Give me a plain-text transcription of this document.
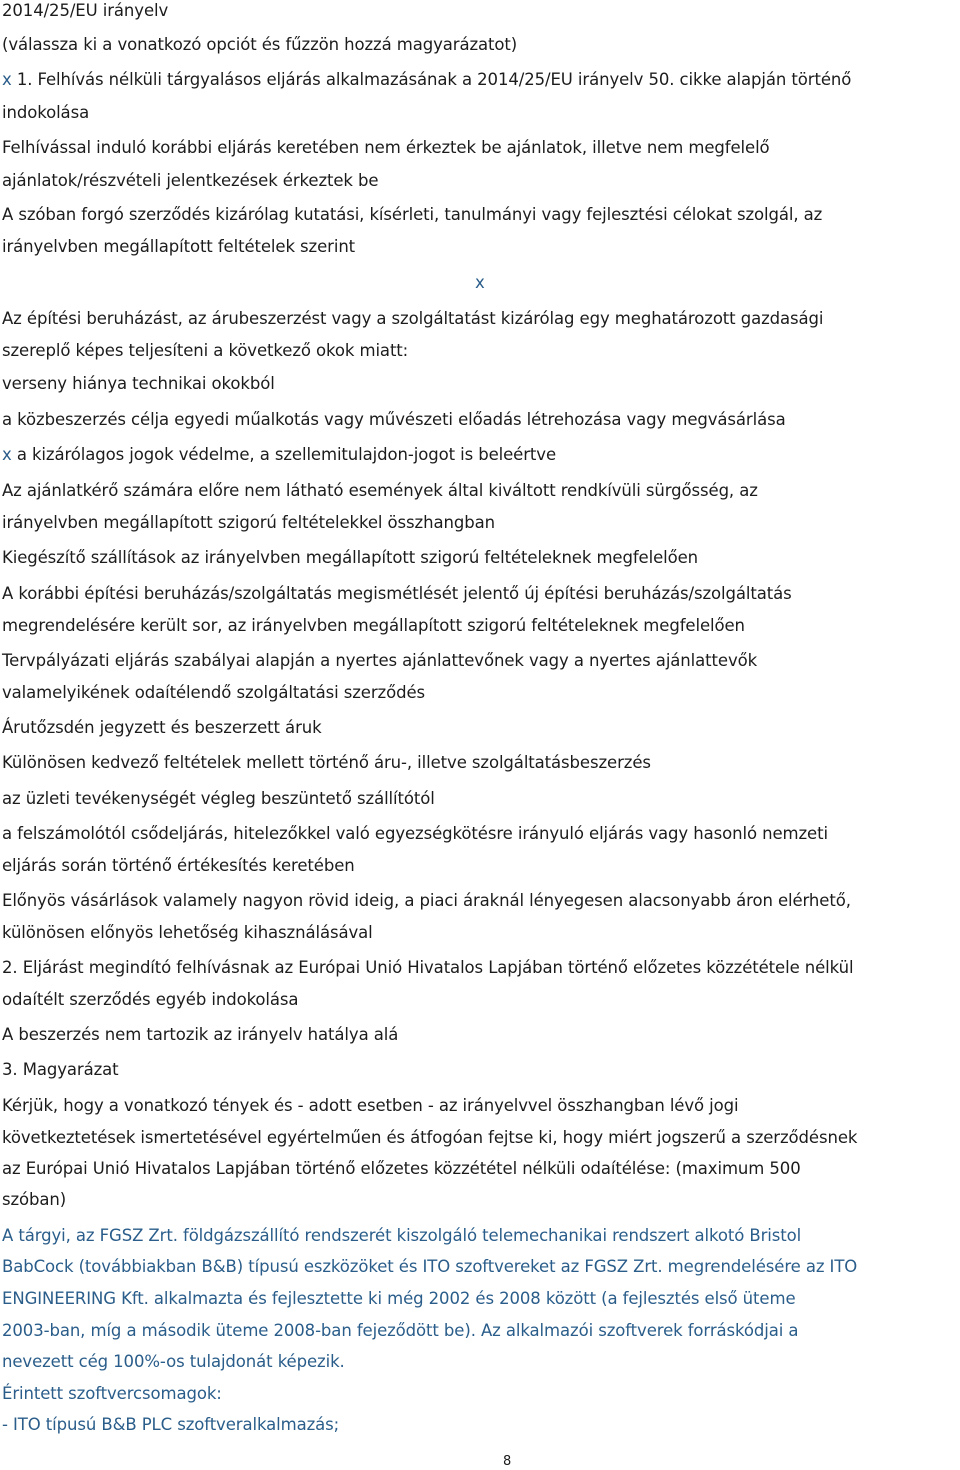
2014/25/EU irányelv
(válassza ki a vonatkozó opciót és fűzzön hozzá magyarázatot)
x 1. Felhívás nélküli tárgyalásos eljárás alkalmazásának a 2014/25/EU irányelv 50. cikke alapján történő
indokolása
Felhívással induló korábbi eljárás keretében nem érkeztek be ajánlatok, illetve nem megfelelő
ajánlatok/részvételi jelentkezések érkeztek be
A szóban forgó szerződés kizárólag kutatási, kísérleti, tanulmányi vagy fejlesztési célokat szolgál, az
irányelvben megállapított feltételek szerint
x
Az építési beruházást, az árubeszerzést vagy a szolgáltatást kizárólag egy meghatározott gazdasági
szereplő képes teljesíteni a következő okok miatt:
verseny hiánya technikai okokból
a közbeszerzés célja egyedi műalkotás vagy művészeti előadás létrehozása vagy megvásárlása
x a kizárólagos jogok védelme, a szellemitulajdon-jogot is beleértve
Az ajánlatkérő számára előre nem látható események által kiváltott rendkívüli sürgősség, az
irányelvben megállapított szigorú feltételekkel összhangban
Kiegészítő szállítások az irányelvben megállapított szigorú feltételeknek megfelelően
A korábbi építési beruházás/szolgáltatás megismétlését jelentő új építési beruházás/szolgáltatás
megrendelésére került sor, az irányelvben megállapított szigorú feltételeknek megfelelően
Tervpályázati eljárás szabályai alapján a nyertes ajánlattevőnek vagy a nyertes ajánlattevők
valamelyikének odaítélendő szolgáltatási szerződés
Árutőzsdén jegyzett és beszerzett áruk
Különösen kedvező feltételek mellett történő áru-, illetve szolgáltatásbeszerzés
az üzleti tevékenységét végleg beszüntető szállítótól
a felszámolótól csődeljárás, hitelezőkkel való egyezségkötésre irányuló eljárás vagy hasonló nemzeti
eljárás során történő értékesítés keretében
Előnyös vásárlások valamely nagyon rövid ideig, a piaci áraknál lényegesen alacsonyabb áron elérhető,
különösen előnyös lehetőség kihasználásával
2. Eljárást megindító felhívásnak az Európai Unió Hivatalos Lapjában történő előzetes közzététele nélkül
odaítélt szerződés egyéb indokolása
A beszerzés nem tartozik az irányelv hatálya alá
3. Magyarázat
Kérjük, hogy a vonatkozó tények és - adott esetben - az irányelvvel összhangban lévő jogi
következtetések ismertetésével egyértelműen és átfogóan fejtse ki, hogy miért jogszerű a szerződésnek
az Európai Unió Hivatalos Lapjában történő előzetes közzététel nélküli odaítélése: (maximum 500
szóban)
A tárgyi, az FGSZ Zrt. földgázszállító rendszerét kiszolgáló telemechanikai rendszert alkotó Bristol
BabCock (továbbiakban B&B) típusú eszközöket és ITO szoftvereket az FGSZ Zrt. megrendelésére az ITO
ENGINEERING Kft. alkalmazta és fejlesztette ki még 2002 és 2008 között (a fejlesztés első üteme
2003-ban, míg a második üteme 2008-ban fejeződött be). Az alkalmazói szoftverek forráskódjai a
nevezett cég 100%-os tulajdonát képezik.
Érintett szoftvercsomagok:
- ITO típusú B&B PLC szoftveralkalmazás;
8
